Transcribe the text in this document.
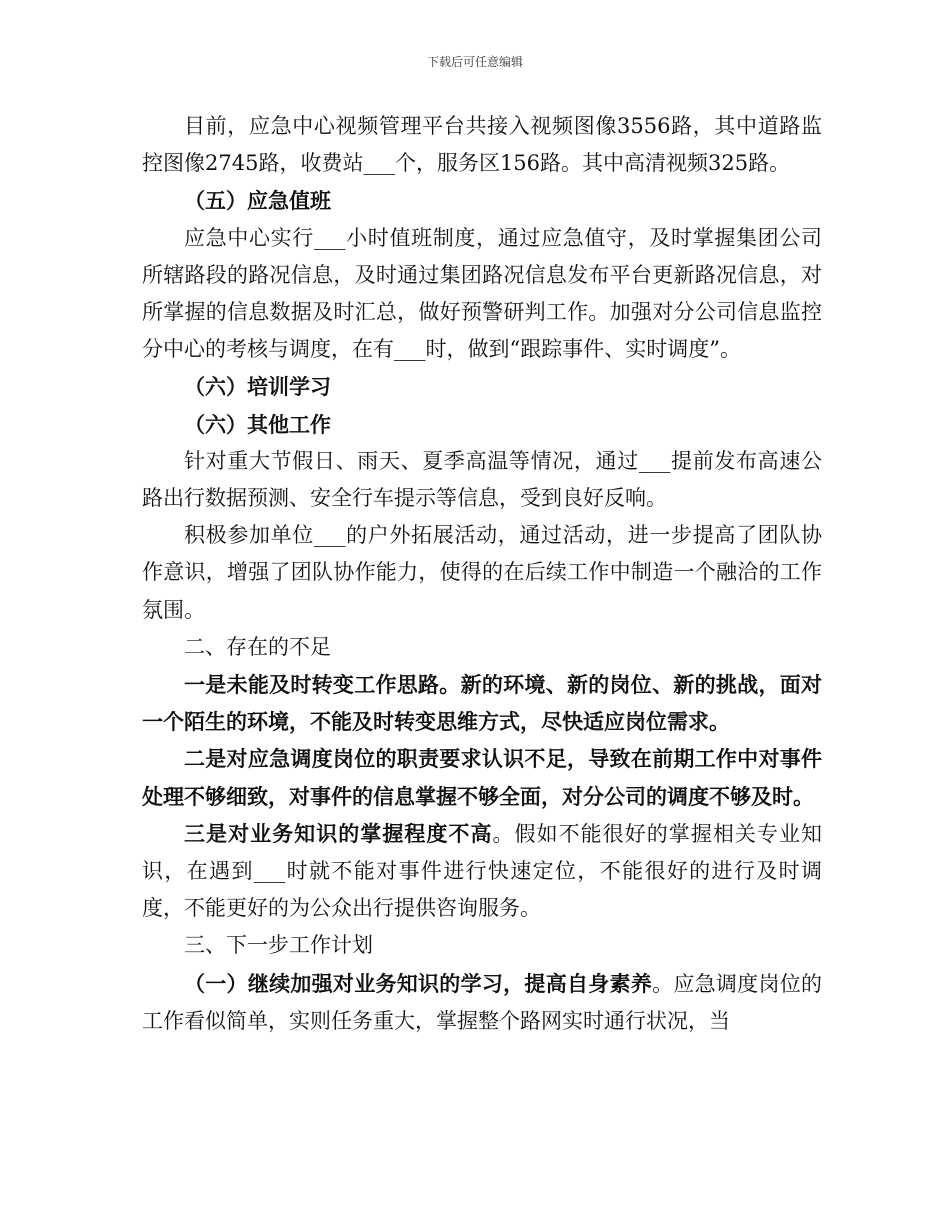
下载后可任意编辑

目前，应急中心视频管理平台共接入视频图像3556路，其中道路监控图像2745路，收费站___个，服务区156路。其中高清视频325路。

（五）应急值班

应急中心实行___小时值班制度，通过应急值守，及时掌握集团公司所辖路段的路况信息，及时通过集团路况信息发布平台更新路况信息，对所掌握的信息数据及时汇总，做好预警研判工作。加强对分公司信息监控分中心的考核与调度，在有___时，做到“跟踪事件、实时调度”。

（六）培训学习

（六）其他工作

针对重大节假日、雨天、夏季高温等情况，通过___提前发布高速公路出行数据预测、安全行车提示等信息，受到良好反响。

积极参加单位___的户外拓展活动，通过活动，进一步提高了团队协作意识，增强了团队协作能力，使得的在后续工作中制造一个融洽的工作氛围。

二、存在的不足

一是未能及时转变工作思路。新的环境、新的岗位、新的挑战，面对一个陌生的环境，不能及时转变思维方式，尽快适应岗位需求。

二是对应急调度岗位的职责要求认识不足，导致在前期工作中对事件处理不够细致，对事件的信息掌握不够全面，对分公司的调度不够及时。

三是对业务知识的掌握程度不高。假如不能很好的掌握相关专业知识，在遇到___时就不能对事件进行快速定位，不能很好的进行及时调度，不能更好的为公众出行提供咨询服务。

三、下一步工作计划

（一）继续加强对业务知识的学习，提高自身素养。应急调度岗位的工作看似简单，实则任务重大，掌握整个路网实时通行状况，当
